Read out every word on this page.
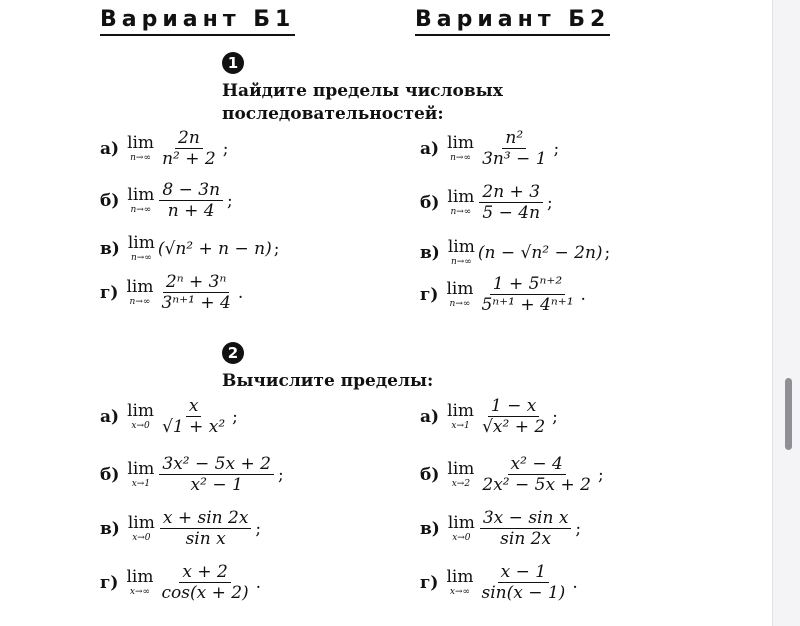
Вариант Б1	Вариант Б2
1
Найдите пределы числовых
последовательностей:
а) lim
$n\to\infty \frac{2n}{\text{n² + 2}}$ ;
б) lim
$n\to\infty \frac{8 - 3n}{n + 4}$ ;
в) lim
n→∞ (√n² + n − n) ;
г) lim
$n\to\infty \frac{\text{2ⁿ + 3ⁿ}}{\text{3ⁿ⁺¹ + 4}}$ .
а) lim
$n\to\infty \frac{\text{n²}}{\text{3n³ − 1}}$ ;
б) lim
$n\to\infty \frac{2n + 3}{5 - 4n}$ ;
в) lim
n→∞ (n − √n² − 2n) ;
г) lim
$n\to\infty \frac{\text{1 + 5ⁿ⁺²}}{\text{5ⁿ⁺¹ + 4ⁿ⁺¹}}$ .
2
Вычислите пределы:
а) lim
$x\to 0 \frac{x}{\text{√1 + x²}}$ ;
б) lim
$x\to 1 \frac{\text{3x² − 5x + 2}}{\text{x² − 1}}$ ;
в) lim
$x\to 0 \frac{x + \sin 2x}{\text{sin x}}$ ;
г) lim
$x\to\infty \frac{x + 2}{\cos(x + 2)}$ .
а) lim
$x\to 1 \frac{1 - x}{\text{√x² + 2}}$ ;
б) lim
$x\to 2 \frac{\text{x² − 4}}{\text{2x² − 5x + 2}}$ ;
в) lim
$x\to 0 \frac{\text{3x − sin x}}{\sin 2x}$ ;
г) lim
$x\to\infty \frac{x - 1}{\sin(x - 1)}$ .
